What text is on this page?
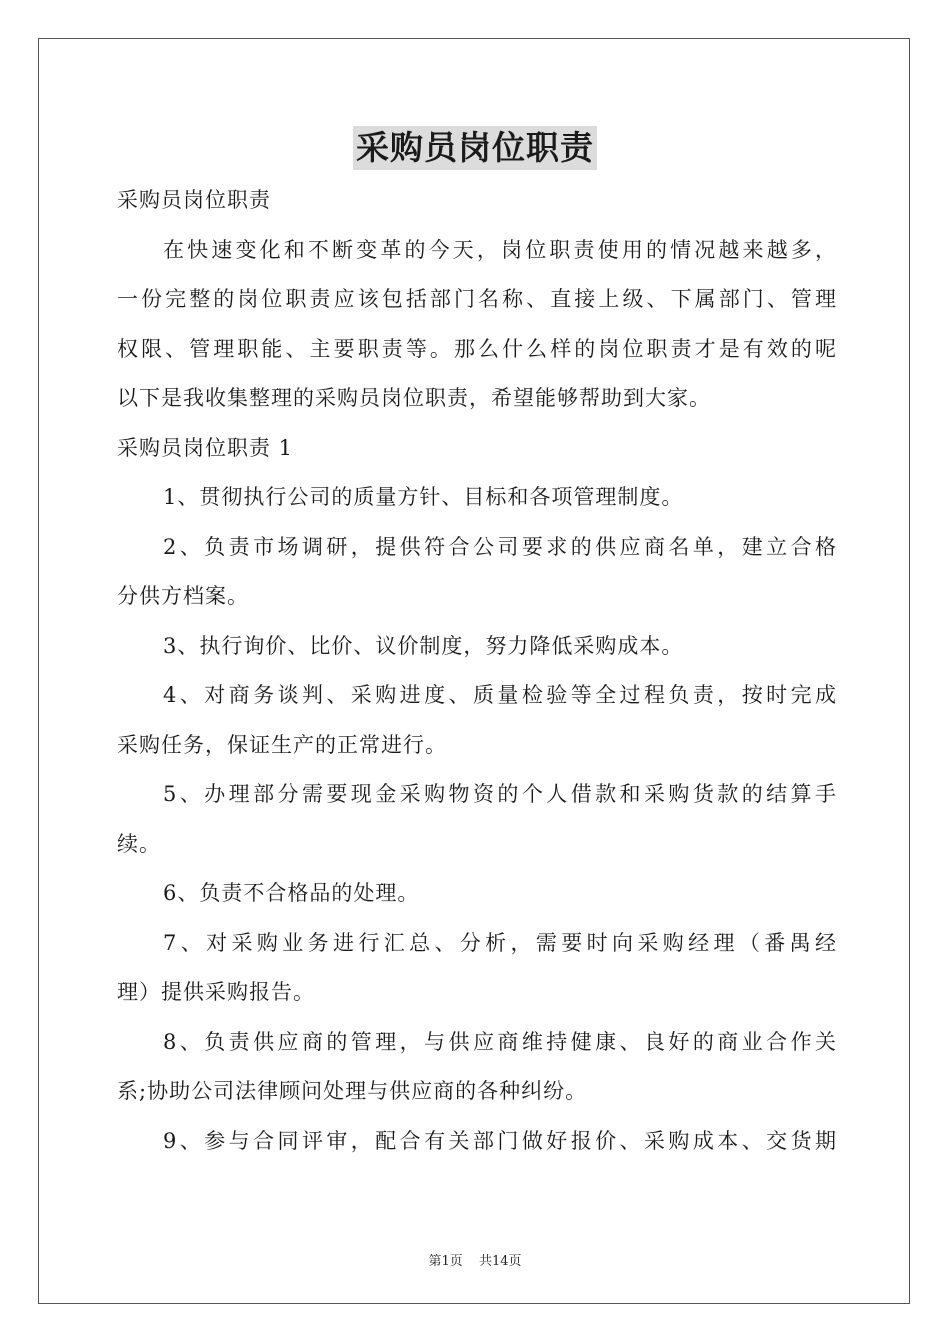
采购员岗位职责
采购员岗位职责
在快速变化和不断变革的今天，岗位职责使用的情况越来越多，
一份完整的岗位职责应该包括部门名称、直接上级、下属部门、管理
权限、管理职能、主要职责等。那么什么样的岗位职责才是有效的呢
以下是我收集整理的采购员岗位职责，希望能够帮助到大家。
采购员岗位职责 1
1、贯彻执行公司的质量方针、目标和各项管理制度。
2、负责市场调研，提供符合公司要求的供应商名单，建立合格
分供方档案。
3、执行询价、比价、议价制度，努力降低采购成本。
4、对商务谈判、采购进度、质量检验等全过程负责，按时完成
采购任务，保证生产的正常进行。
5、办理部分需要现金采购物资的个人借款和采购货款的结算手
续。
6、负责不合格品的处理。
7、对采购业务进行汇总、分析，需要时向采购经理（番禺经
理）提供采购报告。
8、负责供应商的管理，与供应商维持健康、良好的商业合作关
系;协助公司法律顾问处理与供应商的各种纠纷。
9、参与合同评审，配合有关部门做好报价、采购成本、交货期
第1页 共14页
